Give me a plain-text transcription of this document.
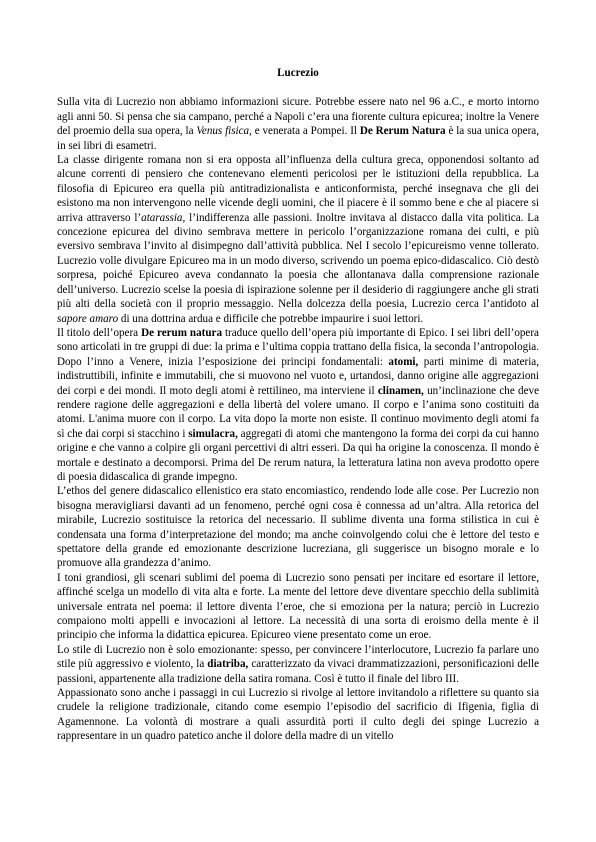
Lucrezio

Sulla vita di Lucrezio non abbiamo informazioni sicure. Potrebbe essere nato nel 96 a.C., e morto intorno agli anni 50. Si pensa che sia campano, perché a Napoli c’era una fiorente cultura epicurea; inoltre la Venere del proemio della sua opera, la Venus fisica, e venerata a Pompei. Il De Rerum Natura è la sua unica opera, in sei libri di esametri.

La classe dirigente romana non si era opposta all’influenza della cultura greca, opponendosi soltanto ad alcune correnti di pensiero che contenevano elementi pericolosi per le istituzioni della repubblica. La filosofia di Epicureo era quella più antitradizionalista e anticonformista, perché insegnava che gli dei esistono ma non intervengono nelle vicende degli uomini, che il piacere è il sommo bene e che al piacere si arriva attraverso l’atarassia, l’indifferenza alle passioni. Inoltre invitava al distacco dalla vita politica. La concezione epicurea del divino sembrava mettere in pericolo l’organizzazione romana dei culti, e più eversivo sembrava l’invito al disimpegno dall’attività pubblica. Nel I secolo l’epicureismo venne tollerato. Lucrezio volle divulgare Epicureo ma in un modo diverso, scrivendo un poema epico-didascalico. Ciò destò sorpresa, poiché Epicureo aveva condannato la poesia che allontanava dalla comprensione razionale dell’universo. Lucrezio scelse la poesia di ispirazione solenne per il desiderio di raggiungere anche gli strati più alti della società con il proprio messaggio. Nella dolcezza della poesia, Lucrezio cerca l’antidoto al sapore amaro di una dottrina ardua e difficile che potrebbe impaurire i suoi lettori.

Il titolo dell’opera De rerum natura traduce quello dell’opera più importante di Epico. I sei libri dell’opera sono articolati in tre gruppi di due: la prima e l’ultima coppia trattano della fisica, la seconda l’antropologia. Dopo l’inno a Venere, inizia l’esposizione dei principi fondamentali: atomi, parti minime di materia, indistruttibili, infinite e immutabili, che si muovono nel vuoto e, urtandosi, danno origine alle aggregazioni dei corpi e dei mondi. Il moto degli atomi è rettilineo, ma interviene il clinamen, un’inclinazione che deve rendere ragione delle aggregazioni e della libertà del volere umano. Il corpo e l’anima sono costituiti da atomi. L'anima muore con il corpo. La vita dopo la morte non esiste. Il continuo movimento degli atomi fa sì che dai corpi si stacchino i simulacra, aggregati di atomi che mantengono la forma dei corpi da cui hanno origine e che vanno a colpire gli organi percettivi di altri esseri. Da qui ha origine la conoscenza. Il mondo è mortale e destinato a decomporsi. Prima del De rerum natura, la letteratura latina non aveva prodotto opere di poesia didascalica di grande impegno.

L’ethos del genere didascalico ellenistico era stato encomiastico, rendendo lode alle cose. Per Lucrezio non bisogna meravigliarsi davanti ad un fenomeno, perché ogni cosa è connessa ad un’altra. Alla retorica del mirabile, Lucrezio sostituisce la retorica del necessario. Il sublime diventa una forma stilistica in cui è condensata una forma d’interpretazione del mondo; ma anche coinvolgendo colui che è lettore del testo e spettatore della grande ed emozionante descrizione lucreziana, gli suggerisce un bisogno morale e lo promuove alla grandezza d’animo.

I toni grandiosi, gli scenari sublimi del poema di Lucrezio sono pensati per incitare ed esortare il lettore, affinché scelga un modello di vita alta e forte. La mente del lettore deve diventare specchio della sublimità universale entrata nel poema: il lettore diventa l’eroe, che si emoziona per la natura; perciò in Lucrezio compaiono molti appelli e invocazioni al lettore. La necessità di una sorta di eroismo della mente è il principio che informa la didattica epicurea. Epicureo viene presentato come un eroe.

Lo stile di Lucrezio non è solo emozionante: spesso, per convincere l’interlocutore, Lucrezio fa parlare uno stile più aggressivo e violento, la diatriba, caratterizzato da vivaci drammatizzazioni, personificazioni delle passioni, appartenente alla tradizione della satira romana. Così è tutto il finale del libro III.

Appassionato sono anche i passaggi in cui Lucrezio si rivolge al lettore invitandolo a riflettere su quanto sia crudele la religione tradizionale, citando come esempio l’episodio del sacrificio di Ifigenia, figlia di Agamennone. La volontà di mostrare a quali assurdità porti il culto degli dei spinge Lucrezio a rappresentare in un quadro patetico anche il dolore della madre di un vitello
